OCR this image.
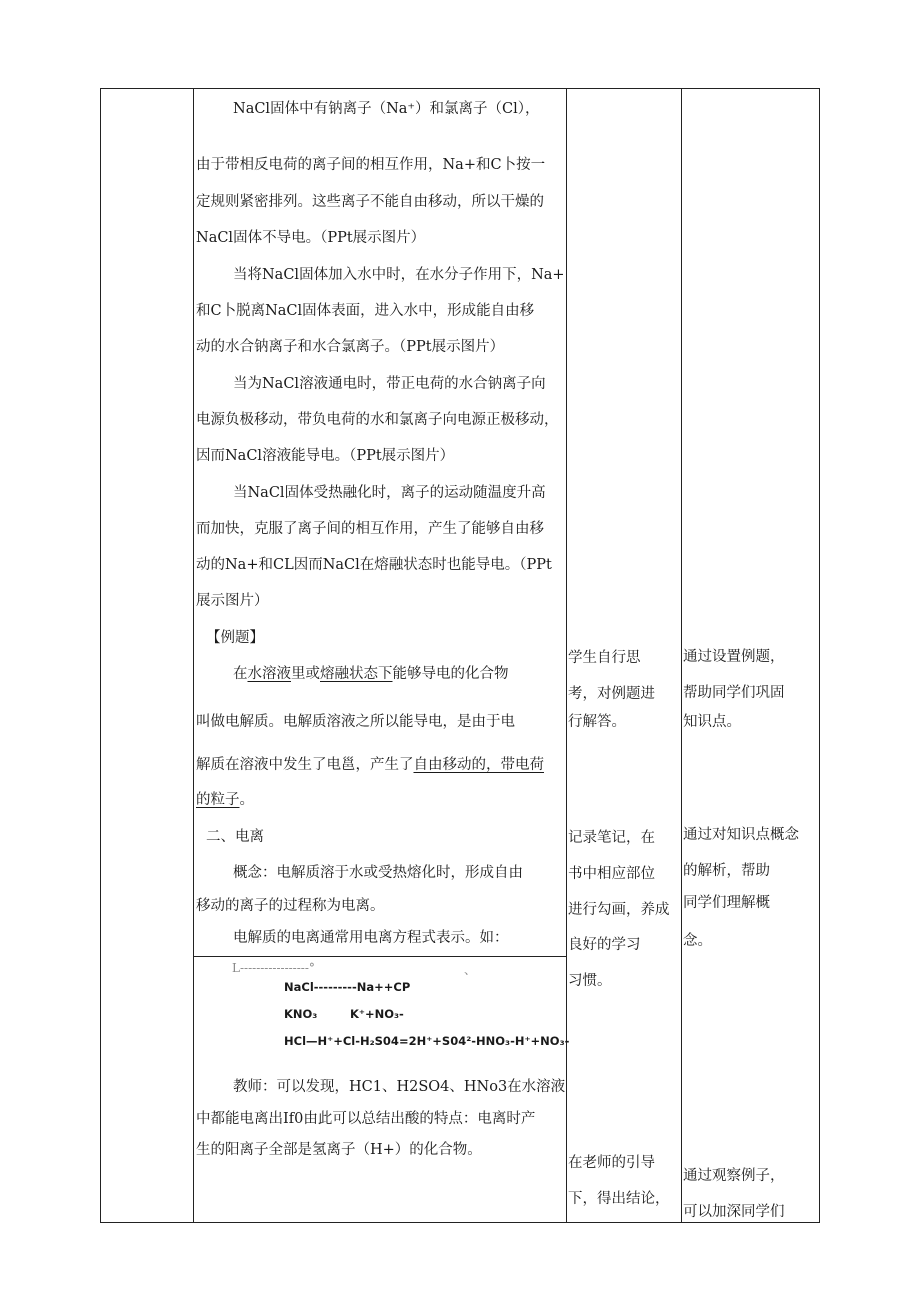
NaCl固体中有钠离子（Na⁺）和氯离子（Cl），
由于带相反电荷的离子间的相互作用，Na+和C卜按一
定规则紧密排列。这些离子不能自由移动，所以干燥的
NaCl固体不导电。（PPt展示图片）
当将NaCl固体加入水中时，在水分子作用下，Na+
和C卜脱离NaCl固体表面，进入水中，形成能自由移
动的水合钠离子和水合氯离子。（PPt展示图片）
当为NaCl溶液通电时，带正电荷的水合钠离子向
电源负极移动，带负电荷的水和氯离子向电源正极移动，
因而NaCl溶液能导电。（PPt展示图片）
当NaCl固体受热融化时，离子的运动随温度升高
而加快，克服了离子间的相互作用，产生了能够自由移
动的Na+和CL因而NaCl在熔融状态时也能导电。（PPt
展示图片）
【例题】
在水溶液里或熔融状态下能够导电的化合物
叫做电解质。电解质溶液之所以能导电，是由于电
解质在溶液中发生了电邕，产生了自由移动的，带电荷
的粒子。
二、电离
概念：电解质溶于水或受热熔化时，形成自由
移动的离子的过程称为电离。
电解质的电离通常用电离方程式表示。如：
L-----------------°	、
NaCl---------Na++CP
KNO₃	K⁺+NO₃-
HCl—H⁺+Cl-H₂S04=2H⁺+S04²-HNO₃-H⁺+NO₃-
教师：可以发现，HC1、H2SO4、HNo3在水溶液
中都能电离出If0由此可以总结出酸的特点：电离时产
生的阳离子全部是氢离子（H+）的化合物。
学生自行思
考，对例题进
行解答。
记录笔记，在
书中相应部位
进行勾画，养成
良好的学习
习惯。
在老师的引导
下，得出结论，
通过设置例题，
帮助同学们巩固
知识点。
通过对知识点概念
的解析，帮助
同学们理解概
念。
通过观察例子，
可以加深同学们
